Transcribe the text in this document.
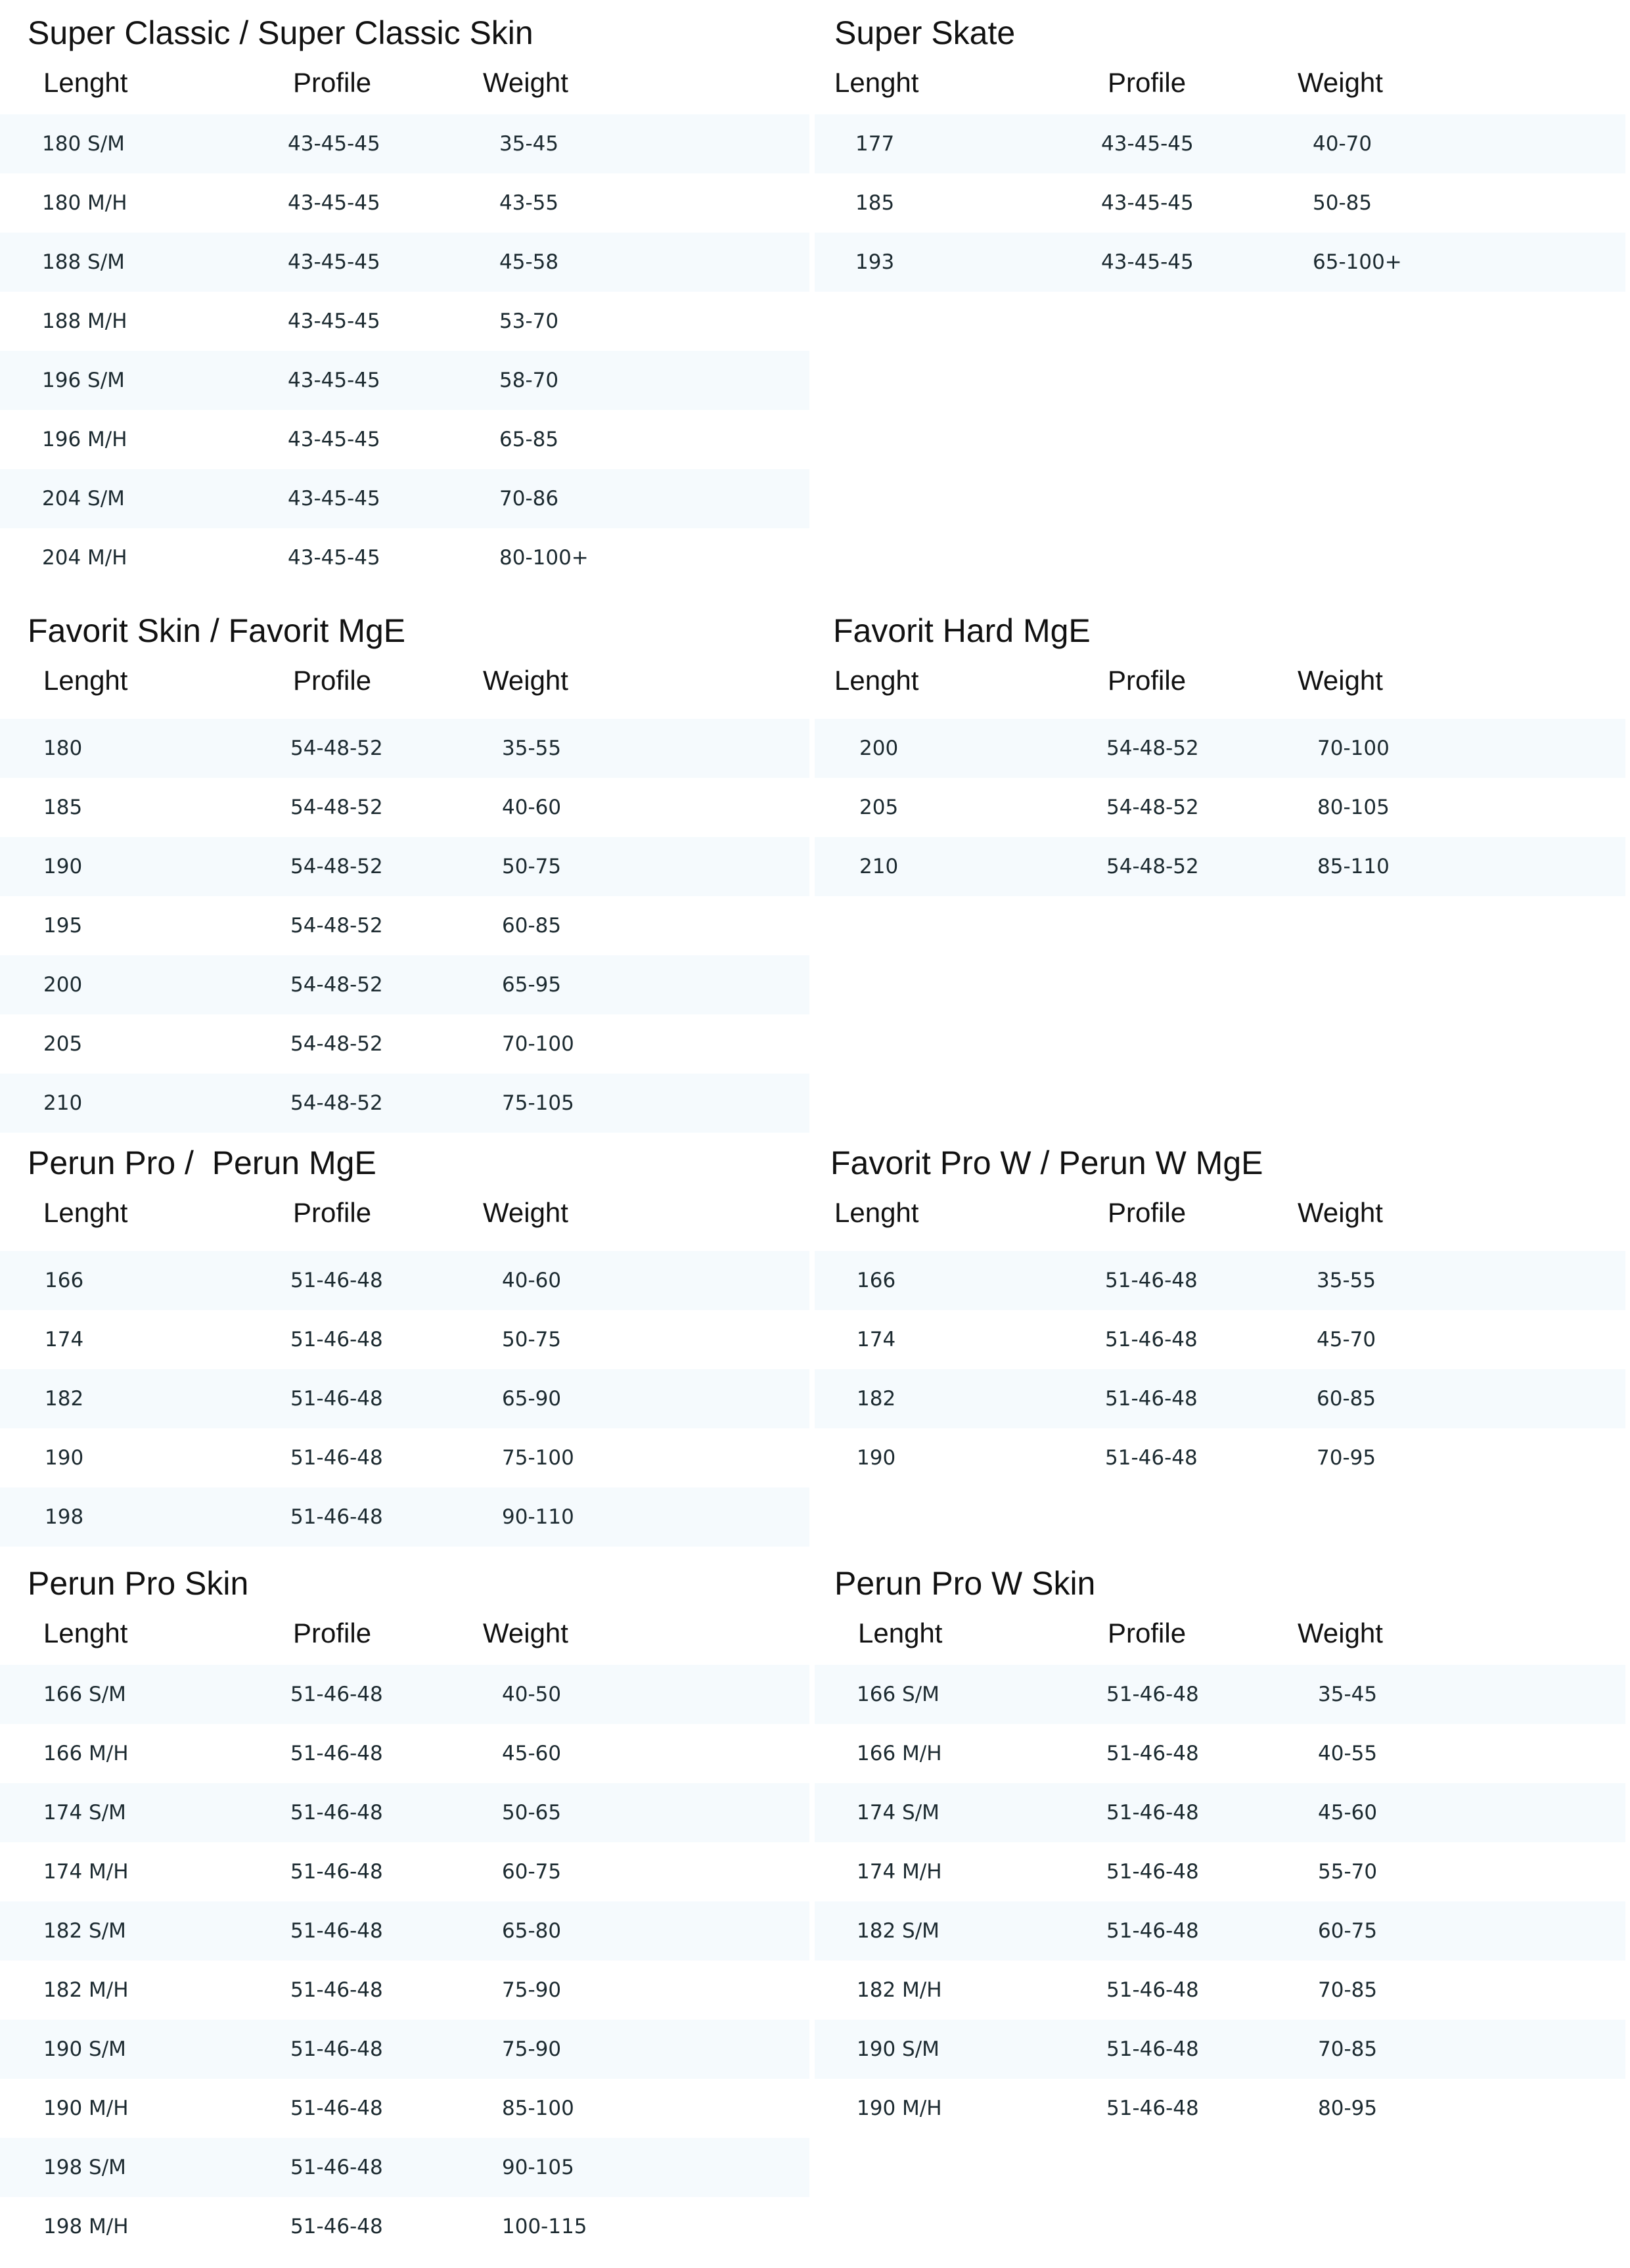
Super Classic / Super Classic Skin
Lenght	Profile	Weight
180 S/M	43-45-45	35-45
180 M/H	43-45-45	43-55
188 S/M	43-45-45	45-58
188 M/H	43-45-45	53-70
196 S/M	43-45-45	58-70
196 M/H	43-45-45	65-85
204 S/M	43-45-45	70-86
204 M/H	43-45-45	80-100+
Super Skate
Lenght	Profile	Weight
177	43-45-45	40-70
185	43-45-45	50-85
193	43-45-45	65-100+
Favorit Skin / Favorit MgE
Lenght	Profile	Weight
180	54-48-52	35-55
185	54-48-52	40-60
190	54-48-52	50-75
195	54-48-52	60-85
200	54-48-52	65-95
205	54-48-52	70-100
210	54-48-52	75-105
Favorit Hard MgE
Lenght	Profile	Weight
200	54-48-52	70-100
205	54-48-52	80-105
210	54-48-52	85-110
Perun Pro /  Perun MgE
Lenght	Profile	Weight
166	51-46-48	40-60
174	51-46-48	50-75
182	51-46-48	65-90
190	51-46-48	75-100
198	51-46-48	90-110
Favorit Pro W / Perun W MgE
Lenght	Profile	Weight
166	51-46-48	35-55
174	51-46-48	45-70
182	51-46-48	60-85
190	51-46-48	70-95
Perun Pro Skin
Lenght	Profile	Weight
166 S/M	51-46-48	40-50
166 M/H	51-46-48	45-60
174 S/M	51-46-48	50-65
174 M/H	51-46-48	60-75
182 S/M	51-46-48	65-80
182 M/H	51-46-48	75-90
190 S/M	51-46-48	75-90
190 M/H	51-46-48	85-100
198 S/M	51-46-48	90-105
198 M/H	51-46-48	100-115
Perun Pro W Skin
Lenght	Profile	Weight
166 S/M	51-46-48	35-45
166 M/H	51-46-48	40-55
174 S/M	51-46-48	45-60
174 M/H	51-46-48	55-70
182 S/M	51-46-48	60-75
182 M/H	51-46-48	70-85
190 S/M	51-46-48	70-85
190 M/H	51-46-48	80-95
